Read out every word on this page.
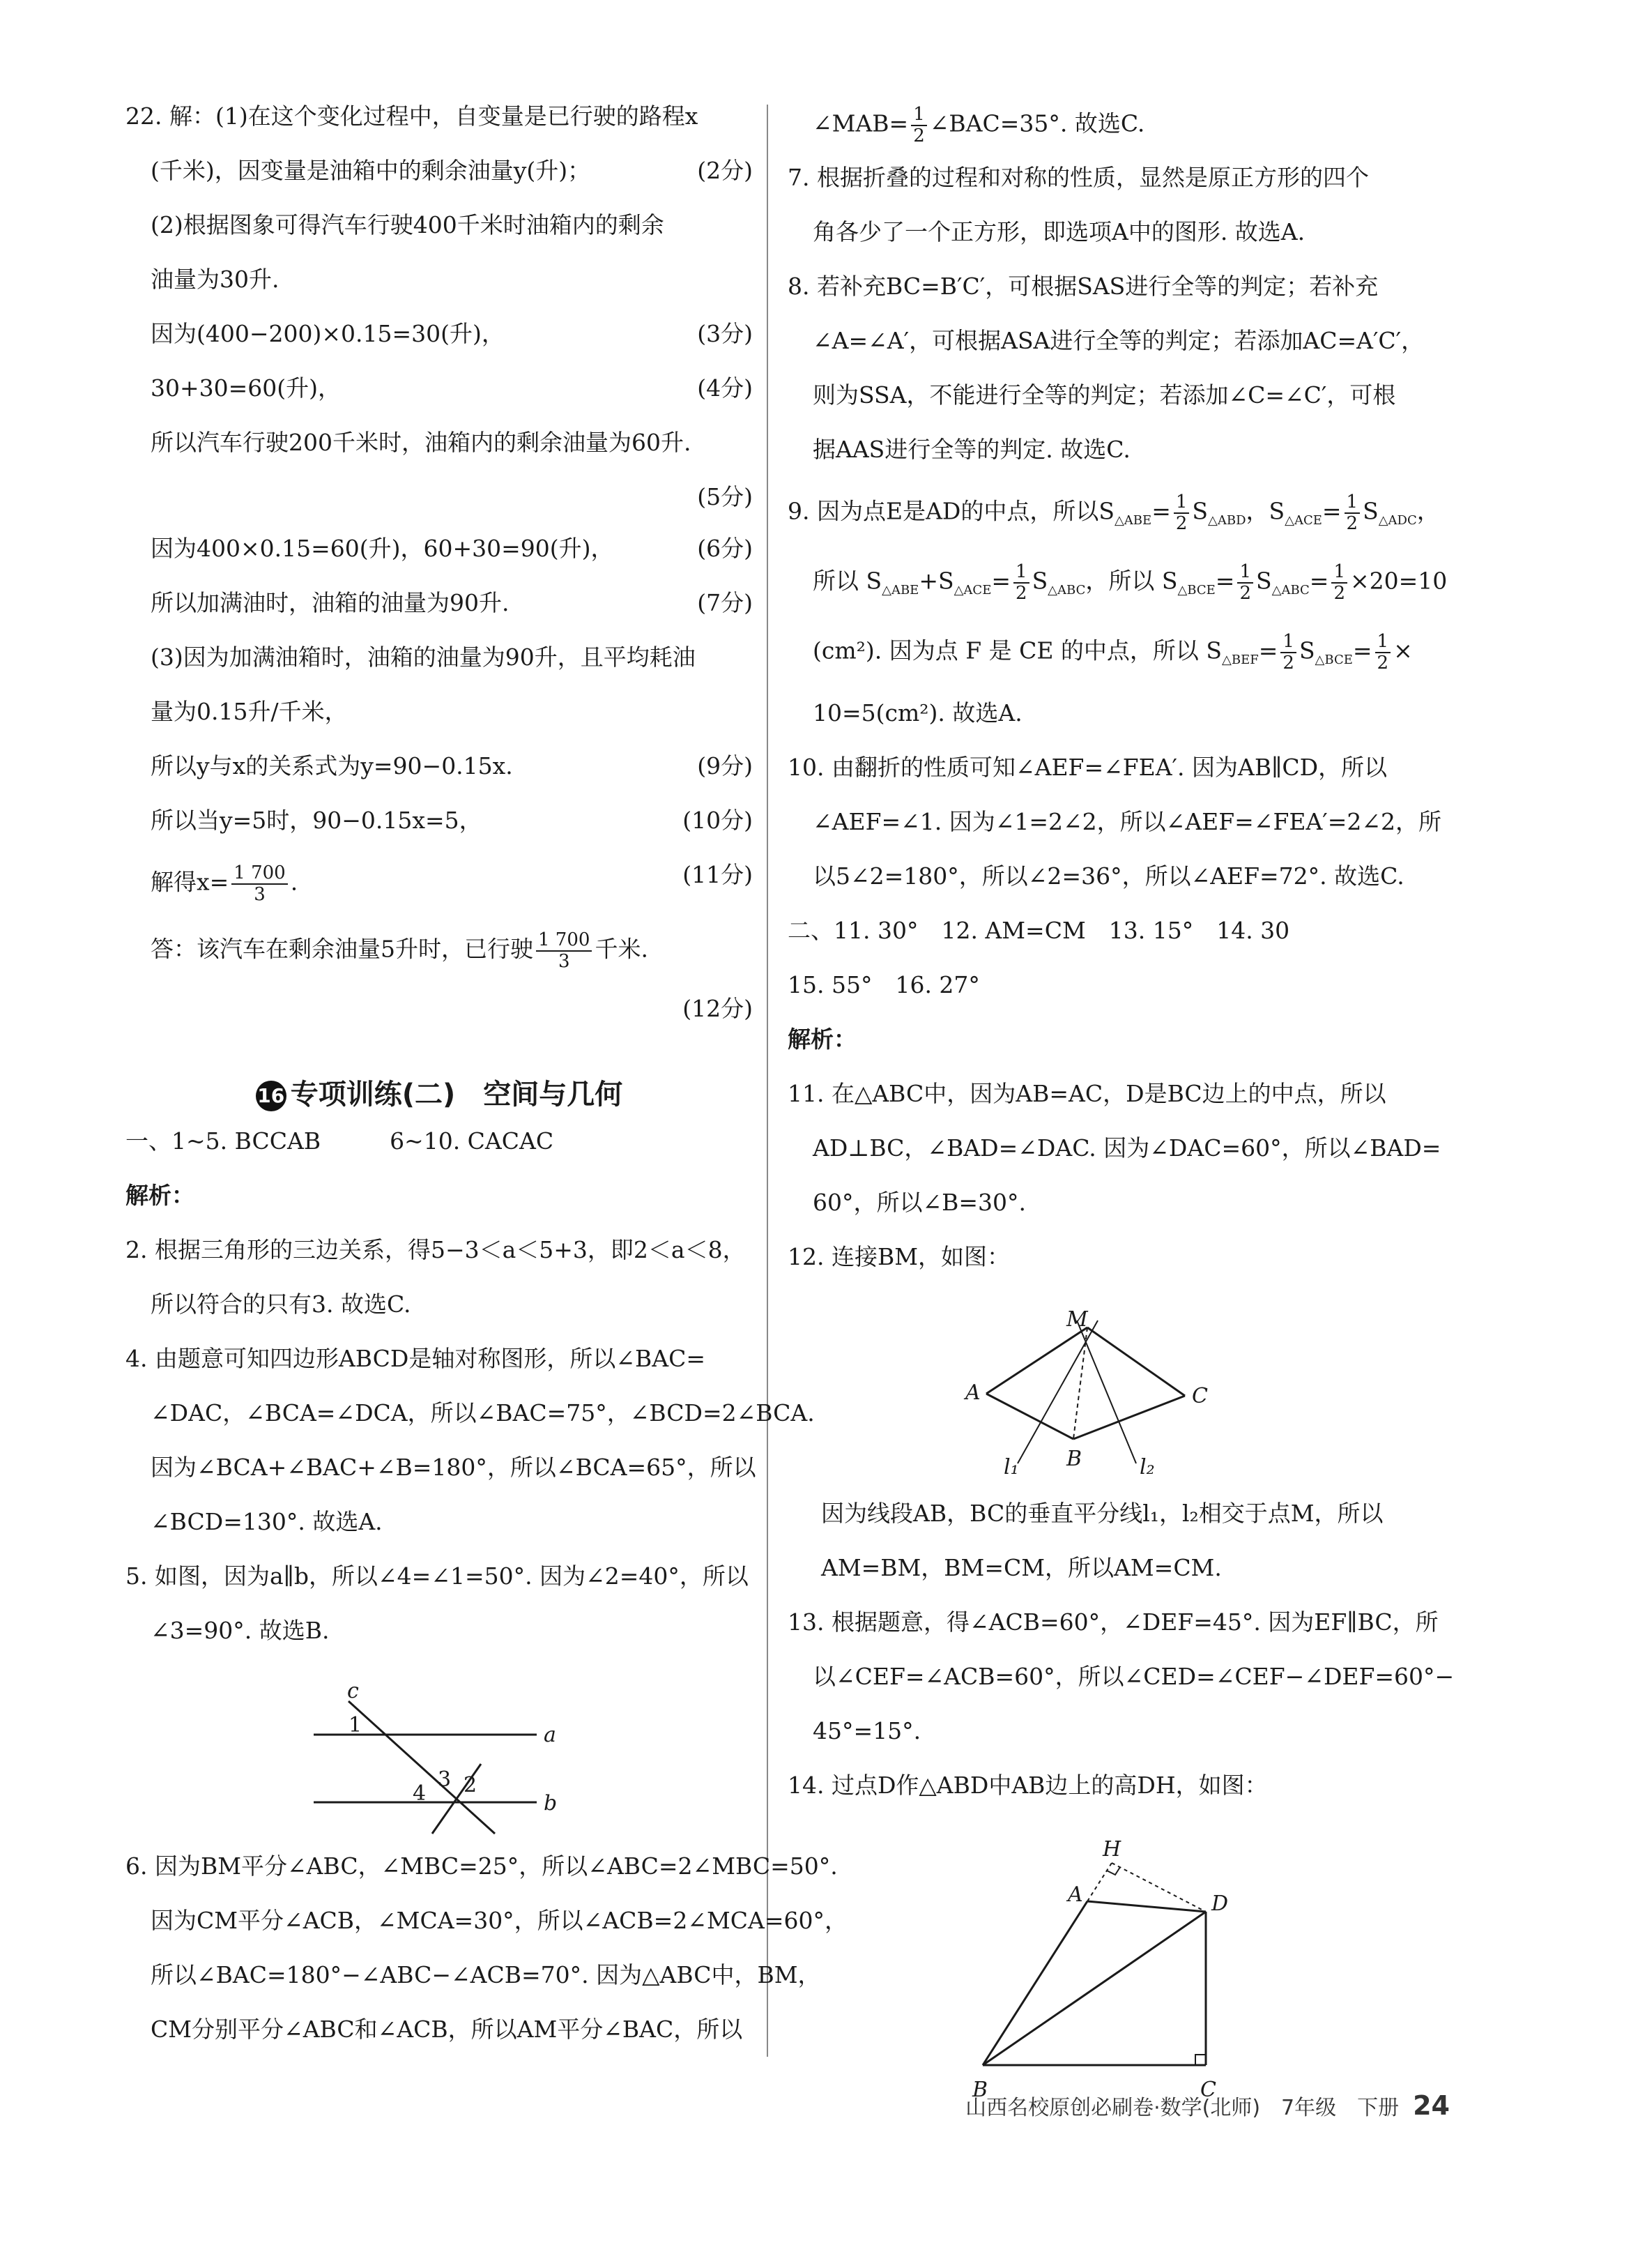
22. 解：(1)在这个变化过程中，自变量是已行驶的路程x
(千米)，因变量是油箱中的剩余油量y(升)；	(2分)
(2)根据图象可得汽车行驶400千米时油箱内的剩余
油量为30升.
因为(400−200)×0.15=30(升)，	(3分)
30+30=60(升)，	(4分)
所以汽车行驶200千米时，油箱内的剩余油量为60升.
(5分)
因为400×0.15=60(升)，60+30=90(升)，	(6分)
所以加满油时，油箱的油量为90升.	(7分)
(3)因为加满油箱时，油箱的油量为90升，且平均耗油
量为0.15升/千米，
所以y与x的关系式为y=90−0.15x.	(9分)
所以当y=5时，90−0.15x=5，	(10分)
解得$x= \frac{1 700}{3}$ .	(11分)
答：该汽车在剩余油量5升时，已行驶 $\frac{1 700}{3}$ 千米.
(12分)
16 专项训练(二)　空间与几何
一、1~5. BCCAB　　　6~10. CACAC
解析：
2. 根据三角形的三边关系，得5−3＜a＜5+3，即2＜a＜8，
所以符合的只有3. 故选C.
4. 由题意可知四边形ABCD是轴对称图形，所以∠BAC=
∠DAC，∠BCA=∠DCA，所以∠BAC=75°，∠BCD=2∠BCA.
因为∠BCA+∠BAC+∠B=180°，所以∠BCA=65°，所以
∠BCD=130°. 故选A.
5. 如图，因为a∥b，所以∠4=∠1=50°. 因为∠2=40°，所以
∠3=90°. 故选B.
c
a
b
1
2
3
4
6. 因为BM平分∠ABC，∠MBC=25°，所以∠ABC=2∠MBC=50°.
因为CM平分∠ACB，∠MCA=30°，所以∠ACB=2∠MCA=60°，
所以∠BAC=180°−∠ABC−∠ACB=70°. 因为△ABC中，BM，
CM分别平分∠ABC和∠ACB，所以AM平分∠BAC，所以
∠MAB= $\frac{1}{2}$ ∠BAC=35°. 故选C.
7. 根据折叠的过程和对称的性质，显然是原正方形的四个
角各少了一个正方形，即选项A中的图形. 故选A.
8. 若补充BC=B′C′，可根据SAS进行全等的判定；若补充
∠A=∠A′，可根据ASA进行全等的判定；若添加AC=A′C′，
则为SSA，不能进行全等的判定；若添加∠C=∠C′，可根
据AAS进行全等的判定. 故选C.
9. 因为点E是AD的中点，所以$S_{\triangle ABE}= \frac{1}{2} S_{\triangle ABD}$，$S_{\triangle ACE}= \frac{1}{2} S_{\triangle ADC}$，
所以 $S_{\triangle ABE}+S_{\triangle ACE}= \frac{1}{2} S_{\triangle ABC}$，所以 $S_{\triangle BCE}= \frac{1}{2} S_{\triangle ABC}= \frac{1}{2} \times 20=10$
(cm²). 因为点 F 是 CE 的中点，所以 $S_{\triangle BEF}= \frac{1}{2} S_{\triangle BCE}= \frac{1}{2}$ ×
10=5(cm²). 故选A.
10. 由翻折的性质可知∠AEF=∠FEA′. 因为AB∥CD，所以
∠AEF=∠1. 因为∠1=2∠2，所以∠AEF=∠FEA′=2∠2，所
以5∠2=180°，所以∠2=36°，所以∠AEF=72°. 故选C.
二、11. 30°　12. AM=CM　13. 15°　14. 30
15. 55°　16. 27°
解析：
11. 在△ABC中，因为AB=AC，D是BC边上的中点，所以
AD⊥BC，∠BAD=∠DAC. 因为∠DAC=60°，所以∠BAD=
60°，所以∠B=30°.
12. 连接BM，如图：
M
A
B
C
l₁	l₂
因为线段AB，BC的垂直平分线l₁，l₂相交于点M，所以
AM=BM，BM=CM，所以AM=CM.
13. 根据题意，得∠ACB=60°，∠DEF=45°. 因为EF∥BC，所
以∠CEF=∠ACB=60°，所以∠CED=∠CEF−∠DEF=60°−
45°=15°.
14. 过点D作△ABD中AB边上的高DH，如图：
H
A	D
B	C
山西名校原创必刷卷·数学(北师)　7年级　下册 24
